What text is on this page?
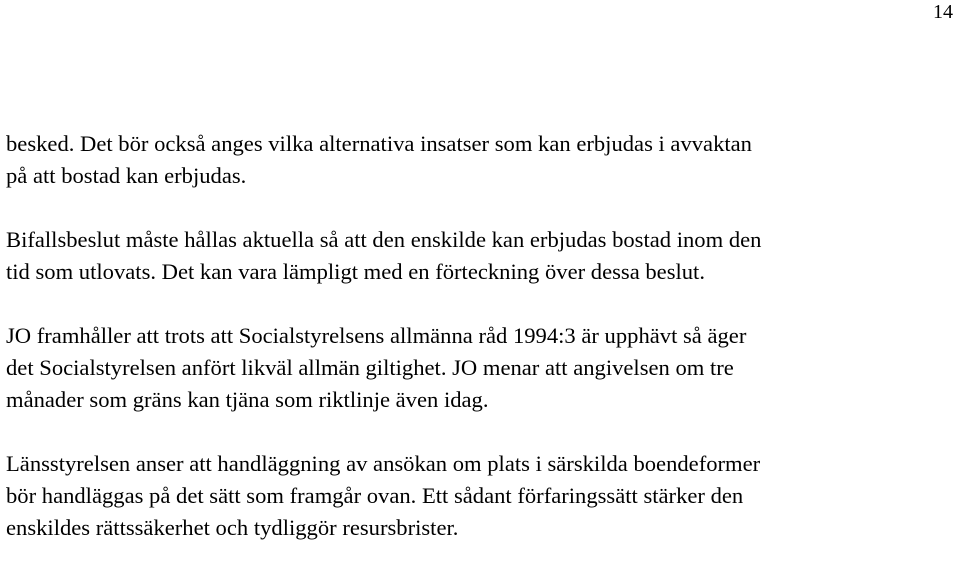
14

besked. Det bör också anges vilka alternativa insatser som kan erbjudas i avvaktan
på att bostad kan erbjudas.

Bifallsbeslut måste hållas aktuella så att den enskilde kan erbjudas bostad inom den
tid som utlovats. Det kan vara lämpligt med en förteckning över dessa beslut.

JO framhåller att trots att Socialstyrelsens allmänna råd 1994:3 är upphävt så äger
det Socialstyrelsen anfört likväl allmän giltighet. JO menar att angivelsen om tre
månader som gräns kan tjäna som riktlinje även idag.

Länsstyrelsen anser att handläggning av ansökan om plats i särskilda boendeformer
bör handläggas på det sätt som framgår ovan. Ett sådant förfaringssätt stärker den
enskildes rättssäkerhet och tydliggör resursbrister.
